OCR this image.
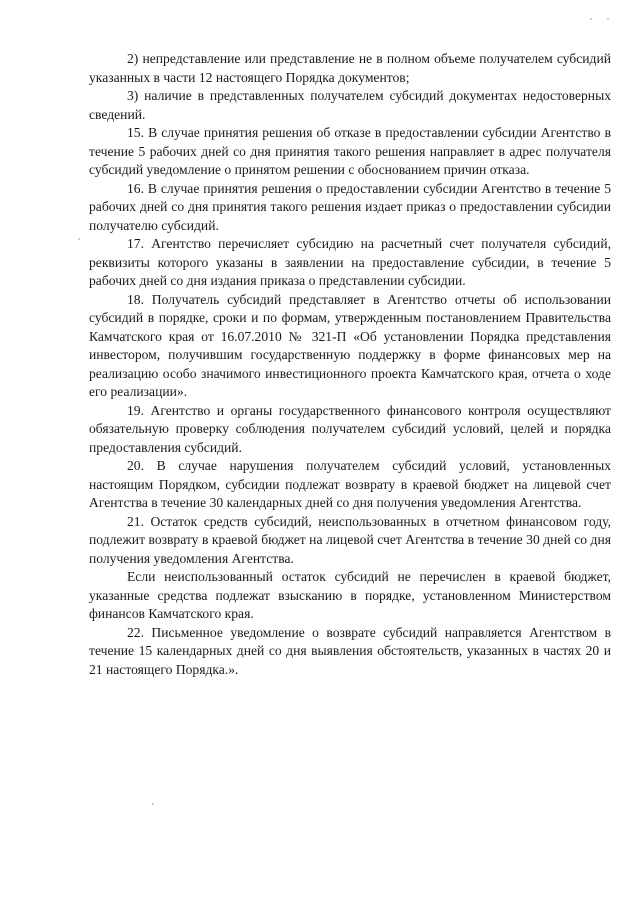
2) непредставление или представление не в полном объеме получателем субсидий указанных в части 12 настоящего Порядка документов;

3) наличие в представленных получателем субсидий документах недостоверных сведений.

15. В случае принятия решения об отказе в предоставлении субсидии Агентство в течение 5 рабочих дней со дня принятия такого решения направляет в адрес получателя субсидий уведомление о принятом решении с обоснованием причин отказа.

16. В случае принятия решения о предоставлении субсидии Агентство в течение 5 рабочих дней со дня принятия такого решения издает приказ о предоставлении субсидии получателю субсидий.

17. Агентство перечисляет субсидию на расчетный счет получателя субсидий, реквизиты которого указаны в заявлении на предоставление субсидии, в течение 5 рабочих дней со дня издания приказа о представлении субсидии.

18. Получатель субсидий представляет в Агентство отчеты об использовании субсидий в порядке, сроки и по формам, утвержденным постановлением Правительства Камчатского края от 16.07.2010 № 321-П «Об установлении Порядка представления инвестором, получившим государственную поддержку в форме финансовых мер на реализацию особо значимого инвестиционного проекта Камчатского края, отчета о ходе его реализации».

19. Агентство и органы государственного финансового контроля осуществляют обязательную проверку соблюдения получателем субсидий условий, целей и порядка предоставления субсидий.

20. В случае нарушения получателем субсидий условий, установленных настоящим Порядком, субсидии подлежат возврату в краевой бюджет на лицевой счет Агентства в течение 30 календарных дней со дня получения уведомления Агентства.

21. Остаток средств субсидий, неиспользованных в отчетном финансовом году, подлежит возврату в краевой бюджет на лицевой счет Агентства в течение 30 дней со дня получения уведомления Агентства.

Если неиспользованный остаток субсидий не перечислен в краевой бюджет, указанные средства подлежат взысканию в порядке, установленном Министерством финансов Камчатского края.

22. Письменное уведомление о возврате субсидий направляется Агентством в течение 15 календарных дней со дня выявления обстоятельств, указанных в частях 20 и 21 настоящего Порядка.».
